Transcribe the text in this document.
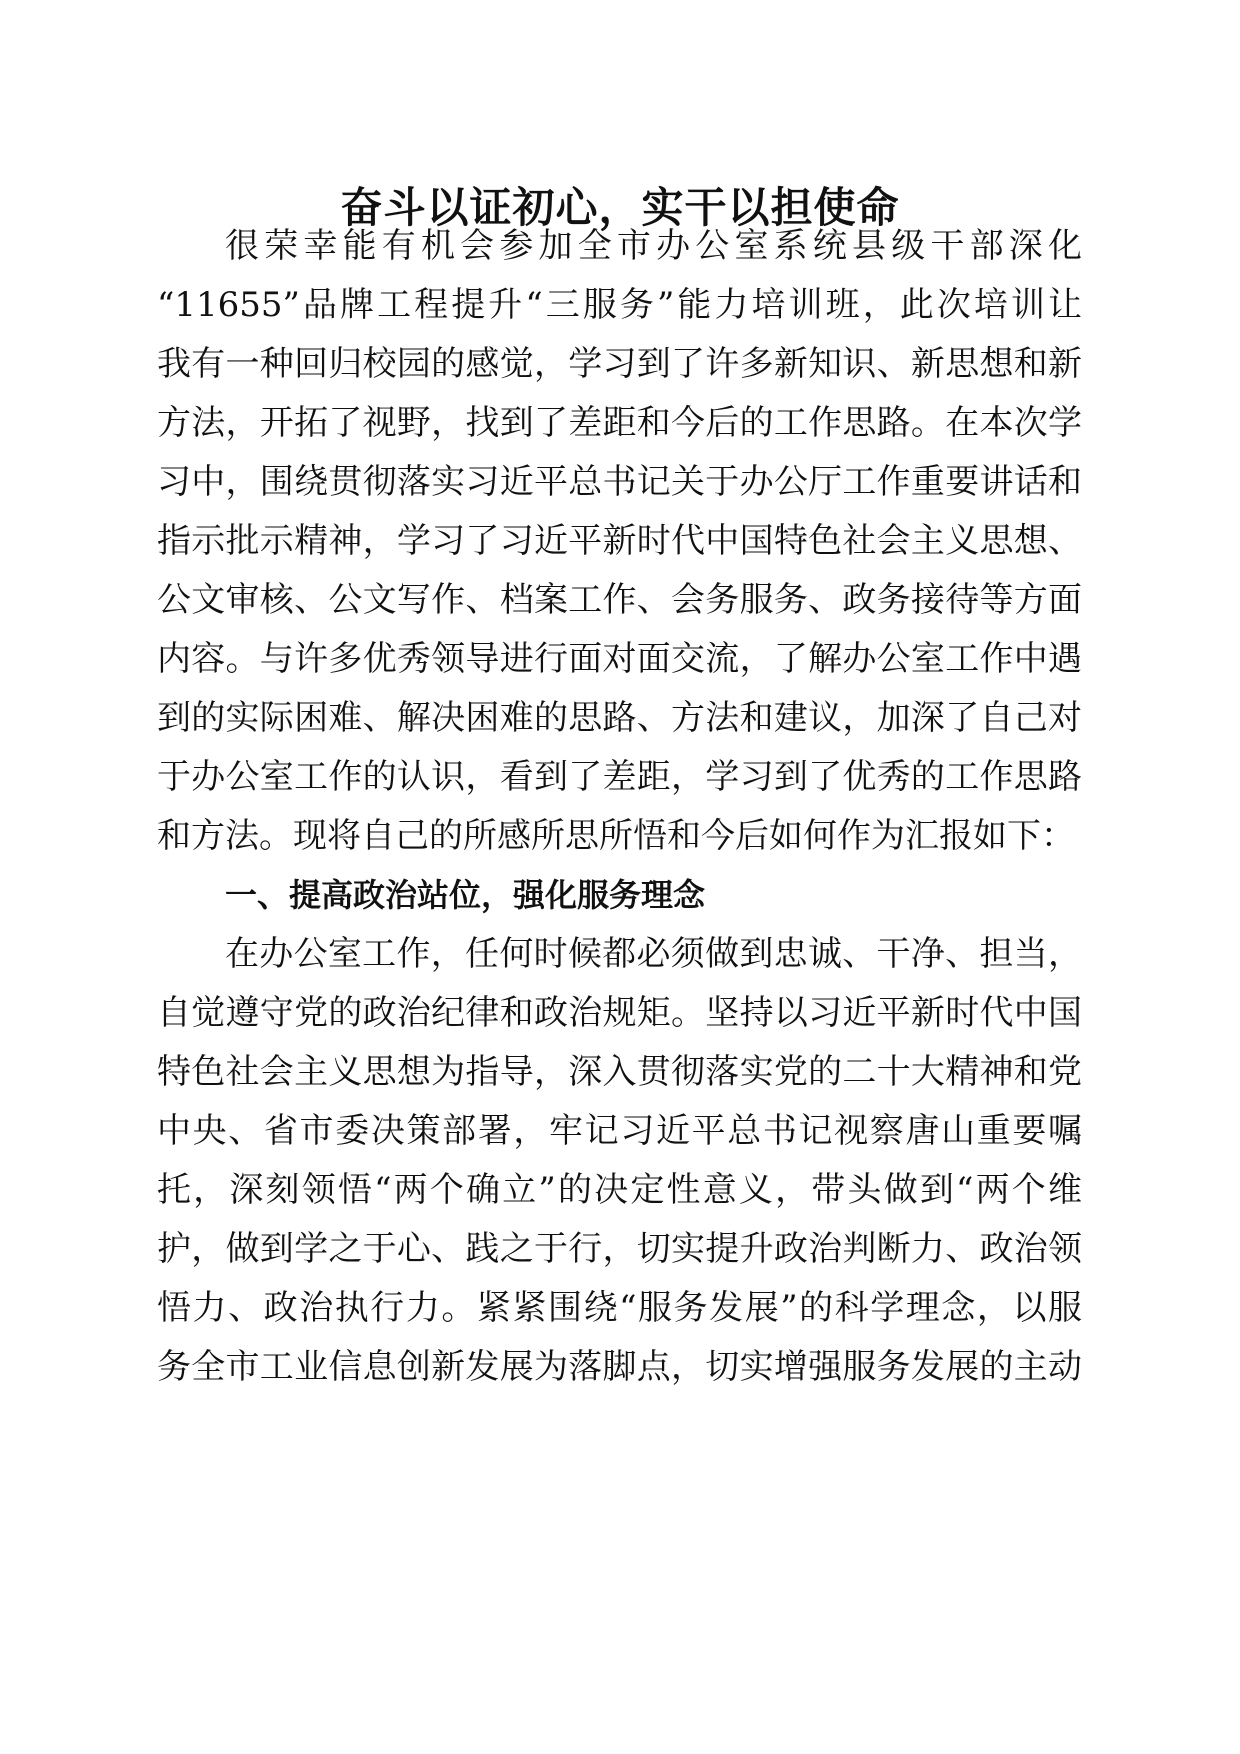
奋斗以证初心，实干以担使命

很荣幸能有机会参加全市办公室系统县级干部深化

“11655”品牌工程提升“三服务”能力培训班，此次培训让

我有一种回归校园的感觉，学习到了许多新知识、新思想和新

方法，开拓了视野，找到了差距和今后的工作思路。在本次学

习中，围绕贯彻落实习近平总书记关于办公厅工作重要讲话和

指示批示精神，学习了习近平新时代中国特色社会主义思想、

公文审核、公文写作、档案工作、会务服务、政务接待等方面

内容。与许多优秀领导进行面对面交流，了解办公室工作中遇

到的实际困难、解决困难的思路、方法和建议，加深了自己对

于办公室工作的认识，看到了差距，学习到了优秀的工作思路

和方法。现将自己的所感所思所悟和今后如何作为汇报如下：

一、提高政治站位，强化服务理念

在办公室工作，任何时候都必须做到忠诚、干净、担当，

自觉遵守党的政治纪律和政治规矩。坚持以习近平新时代中国

特色社会主义思想为指导，深入贯彻落实党的二十大精神和党

中央、省市委决策部署，牢记习近平总书记视察唐山重要嘱

托，深刻领悟“两个确立”的决定性意义，带头做到“两个维

护，做到学之于心、践之于行，切实提升政治判断力、政治领

悟力、政治执行力。紧紧围绕“服务发展”的科学理念，以服

务全市工业信息创新发展为落脚点，切实增强服务发展的主动
